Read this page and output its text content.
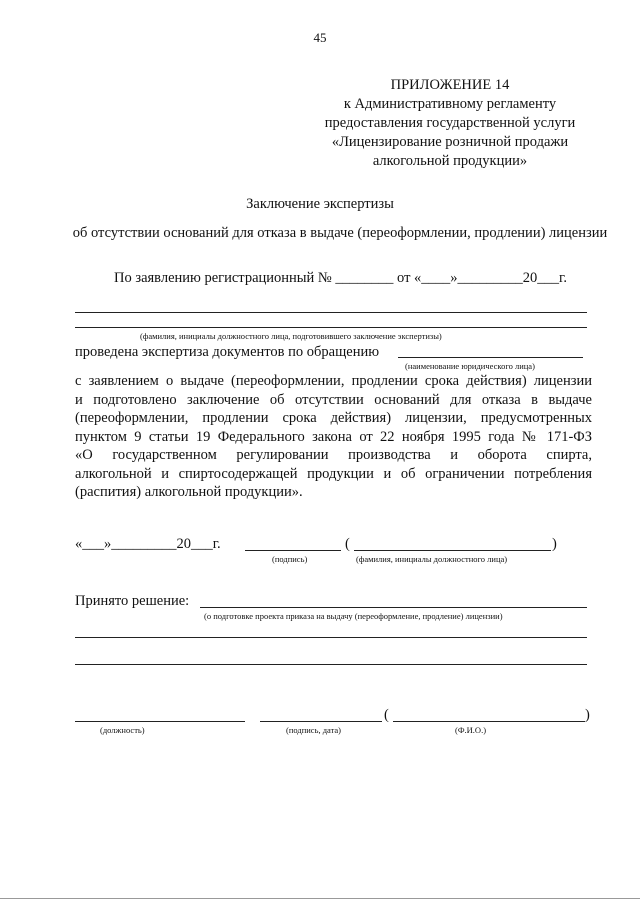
45
ПРИЛОЖЕНИЕ 14
к Административному регламенту
предоставления государственной услуги
«Лицензирование розничной продажи
алкогольной продукции»
Заключение экспертизы
об отсутствии оснований для отказа в выдаче (переоформлении, продлении) лицензии
По заявлению регистрационный № ________ от «____»_________20___г.
(фамилия, инициалы должностного лица, подготовившего заключение экспертизы)
проведена экспертиза документов по обращению
(наименование юридического лица)
с заявлением о выдаче (переоформлении, продлении срока действия) лицензии
и подготовлено заключение об отсутствии оснований для отказа в выдаче
(переоформлении, продлении срока действия) лицензии, предусмотренных
пунктом 9 статьи 19 Федерального закона от 22 ноября 1995 года № 171-ФЗ
«О государственном регулировании производства и оборота спирта,
алкогольной и спиртосодержащей продукции и об ограничении потребления
(распития) алкогольной продукции».
«___»_________20___г.	(	)
(подпись)	(фамилия, инициалы должностного лица)
Принято решение:
(о подготовке проекта приказа на выдачу (переоформление, продление) лицензии)
(	)
(должность)	(подпись, дата)	(Ф.И.О.)
